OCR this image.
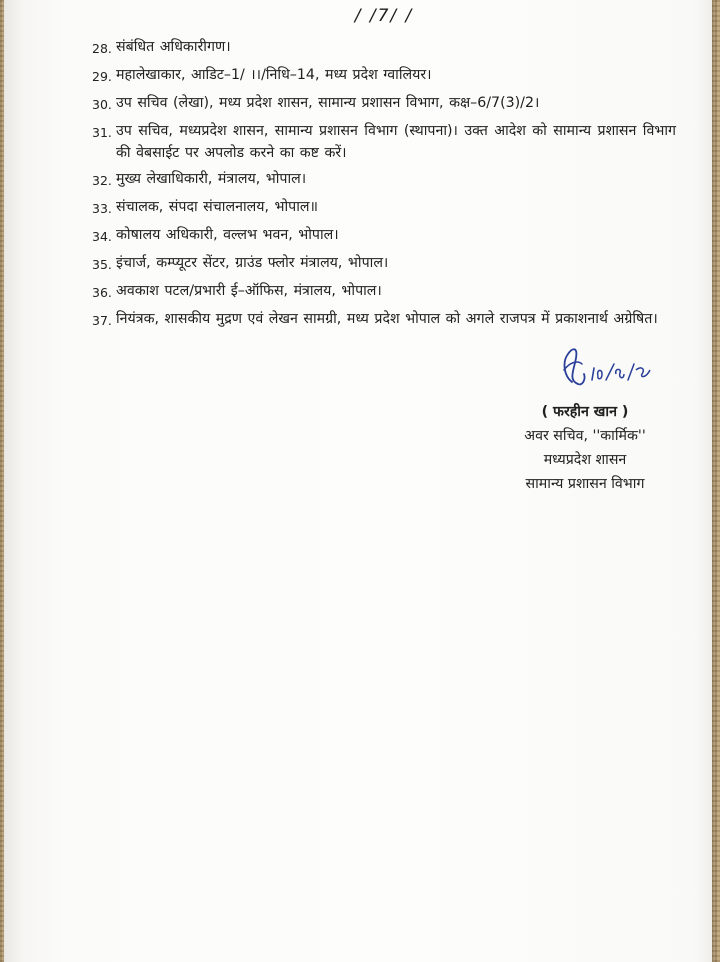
/ /7/ /
28. संबंधित अधिकारीगण।
29. महालेखाकार, आडिट–1/ ।।/निधि–14, मध्य प्रदेश ग्वालियर।
30. उप सचिव (लेखा), मध्य प्रदेश शासन, सामान्य प्रशासन विभाग, कक्ष–6/7(3)/2।
31. उप सचिव, मध्यप्रदेश शासन, सामान्य प्रशासन विभाग (स्थापना)। उक्त आदेश को सामान्य प्रशासन विभाग की वेबसाईट पर अपलोड करने का कष्ट करें।
32. मुख्य लेखाधिकारी, मंत्रालय, भोपाल।
33. संचालक, संपदा संचालनालय, भोपाल॥
34. कोषालय अधिकारी, वल्लभ भवन, भोपाल।
35. इंचार्ज, कम्प्यूटर सेंटर, ग्राउंड फ्लोर मंत्रालय, भोपाल।
36. अवकाश पटल/प्रभारी ई–ऑफिस, मंत्रालय, भोपाल।
37. नियंत्रक, शासकीय मुद्रण एवं लेखन सामग्री, मध्य प्रदेश भोपाल को अगले राजपत्र में प्रकाशनार्थ अग्रेषित।
( फरहीन खान )
अवर सचिव, ''कार्मिक''
मध्यप्रदेश शासन
सामान्य प्रशासन विभाग
